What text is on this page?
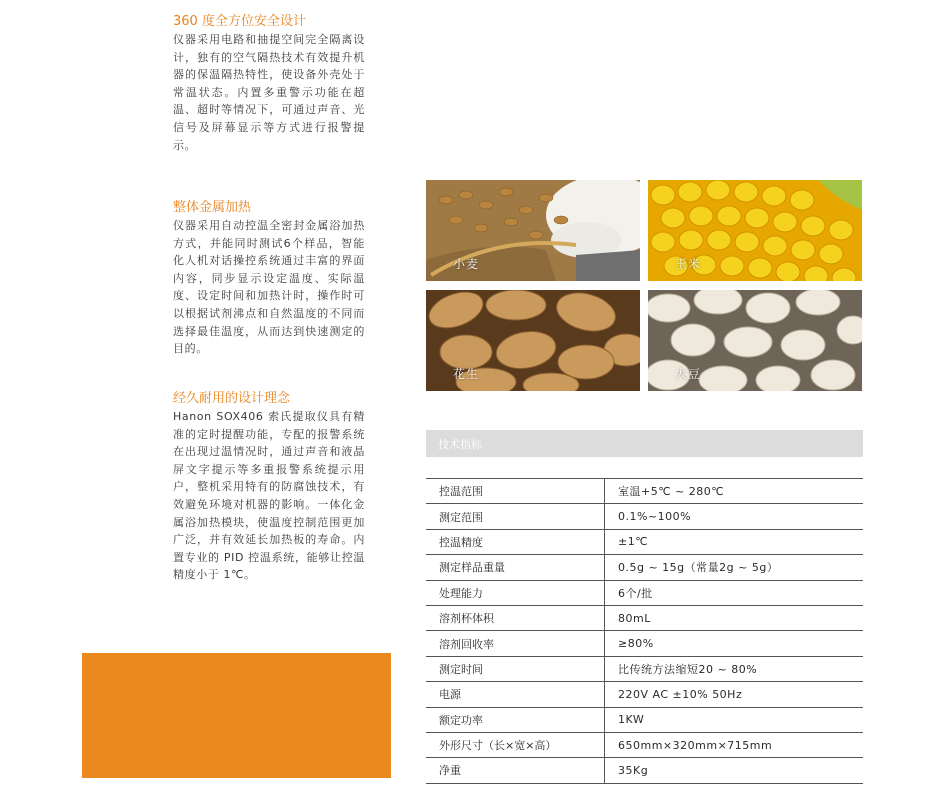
360 度全方位安全设计

仪器采用电路和抽提空间完全隔离设计，独有的空气隔热技术有效提升机器的保温隔热特性，使设备外壳处于常温状态。内置多重警示功能在超温、超时等情况下，可通过声音、光信号及屏幕显示等方式进行报警提示。

整体金属加热

仪器采用自动控温全密封金属浴加热方式，并能同时测试6个样品，智能化人机对话操控系统通过丰富的界面内容，同步显示设定温度、实际温度、设定时间和加热计时，操作时可以根据试剂沸点和自然温度的不同而选择最佳温度，从而达到快速测定的目的。

经久耐用的设计理念

Hanon SOX406 索氏提取仪具有精准的定时提醒功能，专配的报警系统在出现过温情况时，通过声音和液晶屏文字提示等多重报警系统提示用户，整机采用特有的防腐蚀技术，有效避免环境对机器的影响。一体化金属浴加热模块，使温度控制范围更加广泛，并有效延长加热板的寿命。内置专业的 PID 控温系统，能够让控温精度小于 1℃。

小麦	玉米
花生	大豆
技术指标
控温范围	室温+5℃ ~ 280℃
测定范围	0.1%~100%
控温精度	±1℃
测定样品重量	0.5g ~ 15g（常量2g ~ 5g）
处理能力	6个/批
溶剂杯体积	80mL
溶剂回收率	≥80%
测定时间	比传统方法缩短20 ~ 80%
电源	220V AC ±10% 50Hz
额定功率	1KW
外形尺寸（长×宽×高）	650mm×320mm×715mm
净重	35Kg
